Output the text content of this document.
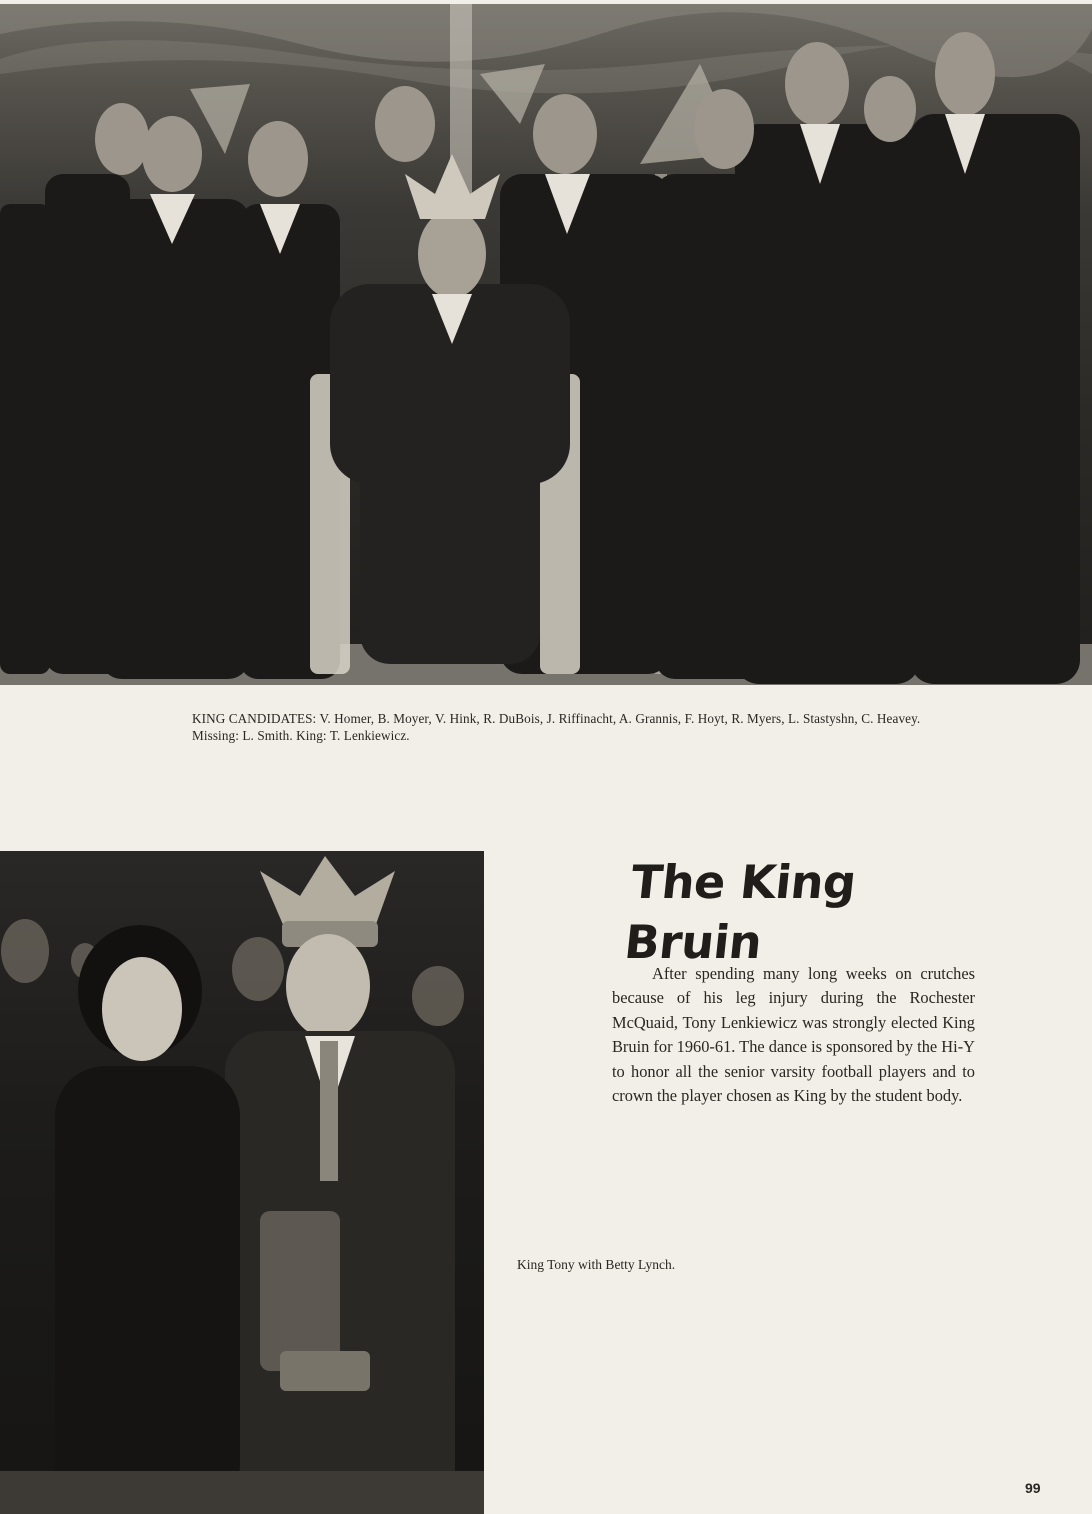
KING CANDIDATES: V. Homer, B. Moyer, V. Hink, R. DuBois, J. Riffinacht, A. Grannis, F. Hoyt, R. Myers, L. Stastyshn, C. Heavey. Missing: L. Smith. King: T. Lenkiewicz.

The King Bruin

After spending many long weeks on crutches because of his leg injury during the Rochester McQuaid, Tony Lenkiewicz was strongly elected King Bruin for 1960-61. The dance is sponsored by the Hi-Y to honor all the senior varsity football players and to crown the player chosen as King by the student body.

King Tony with Betty Lynch.

99
